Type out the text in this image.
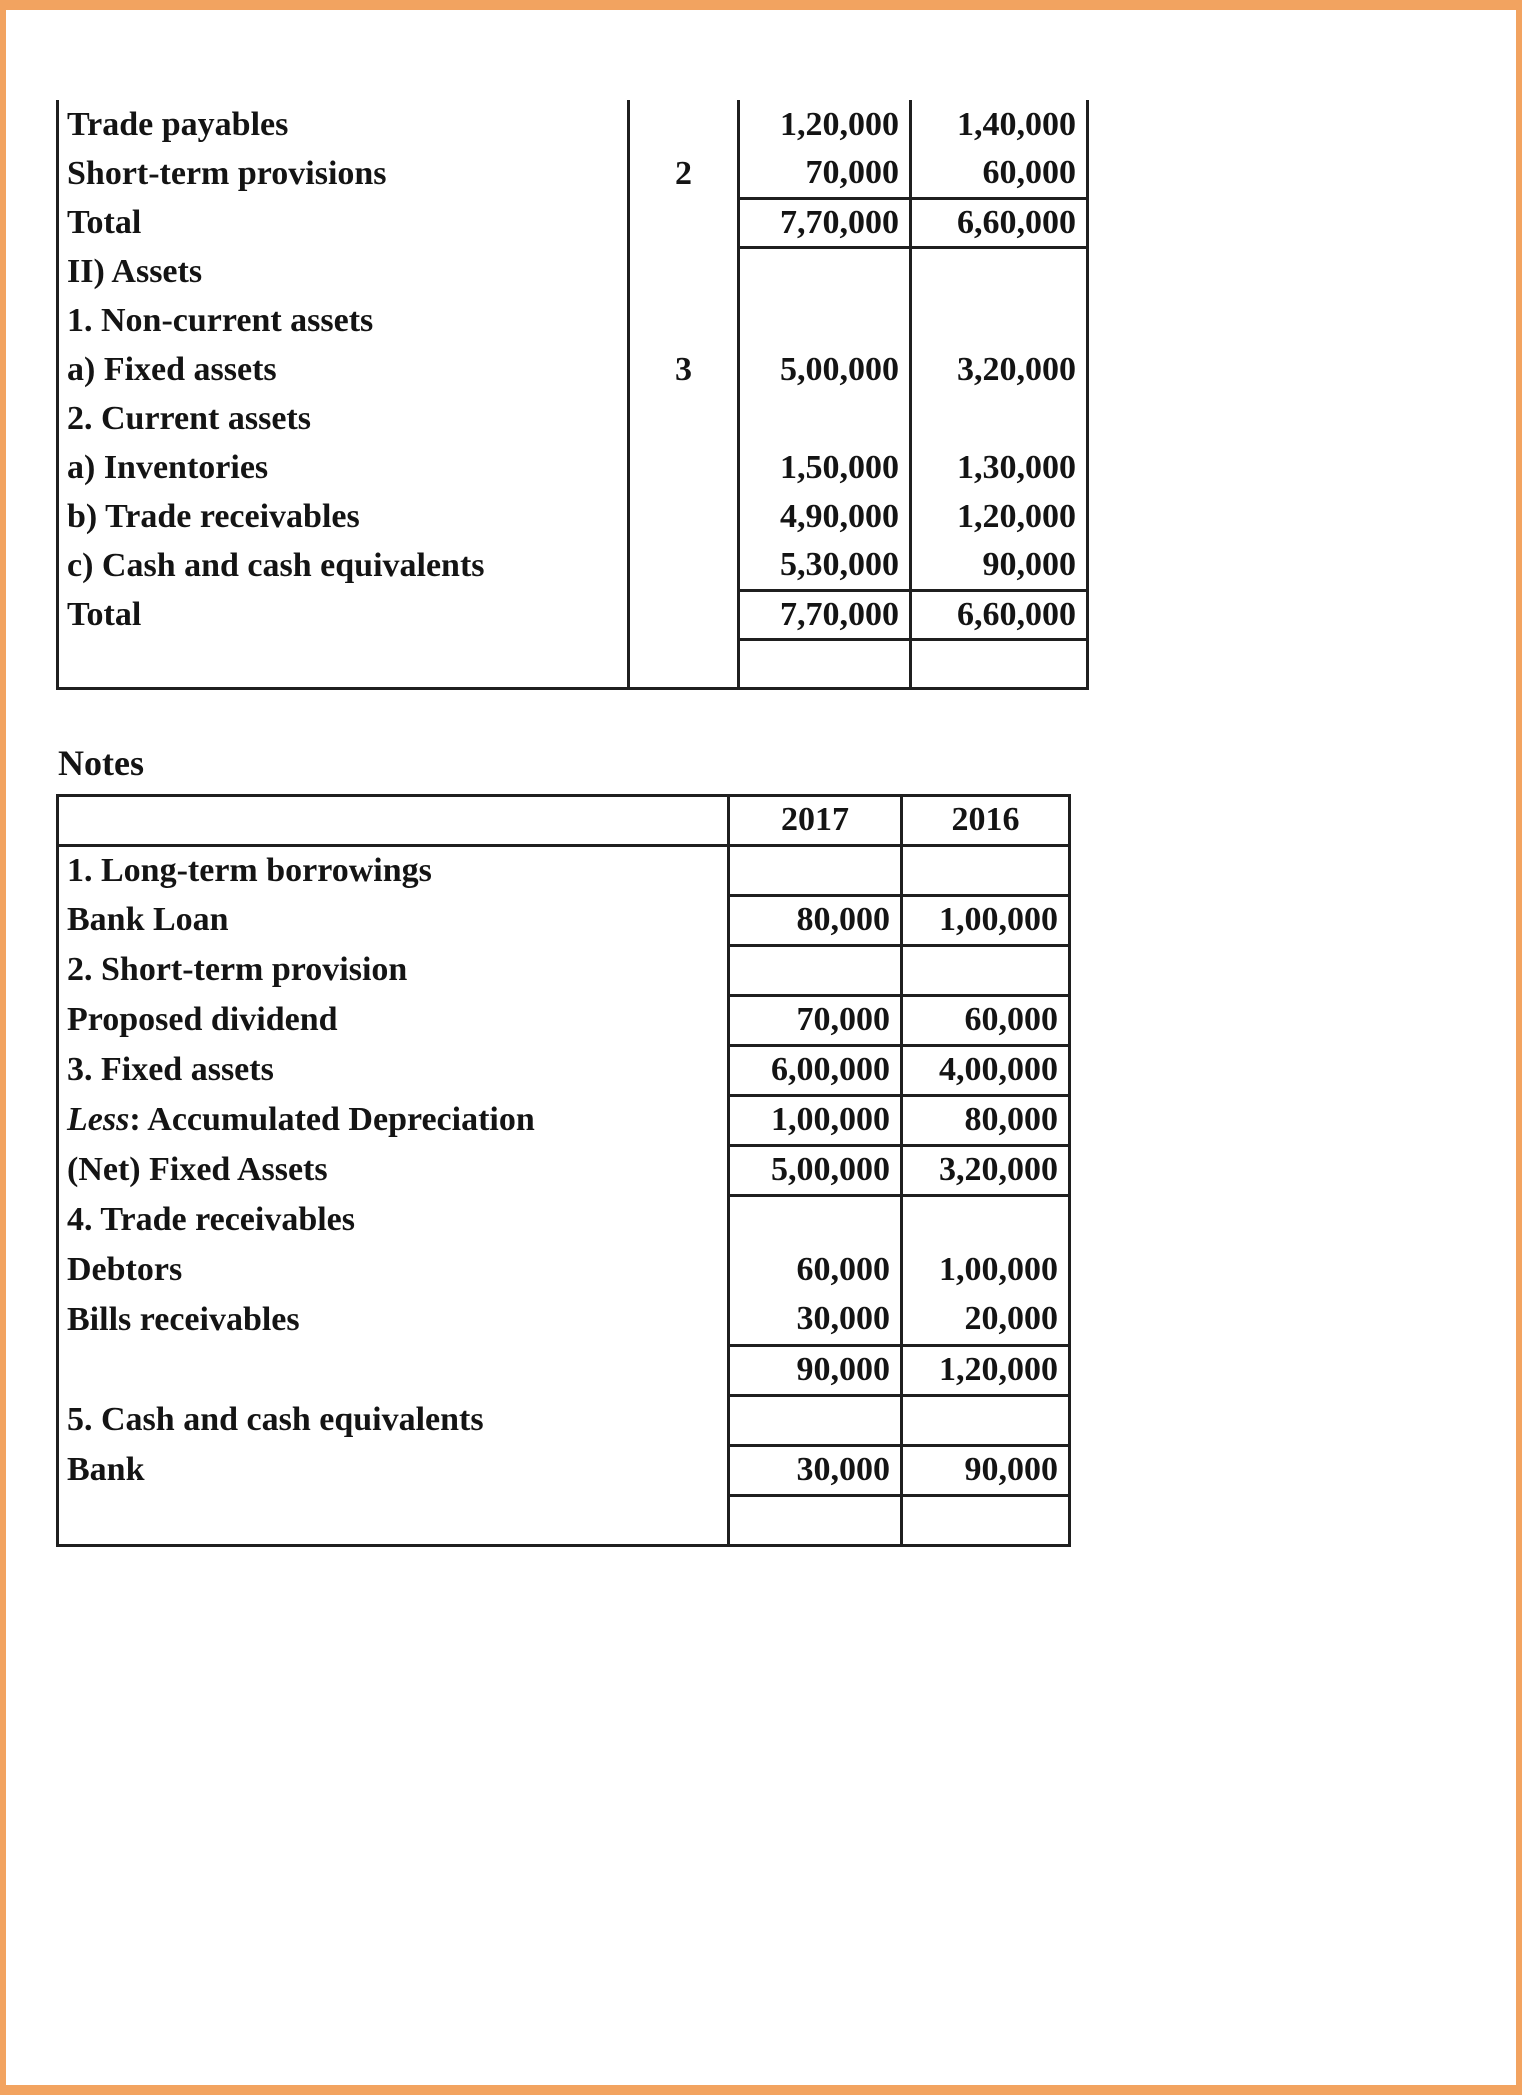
Trade payables		1,20,000	1,40,000
Short-term provisions	2	70,000	60,000
Total		7,70,000	6,60,000
II) Assets			
1. Non-current assets			
a) Fixed assets	3	5,00,000	3,20,000
2. Current assets			
a) Inventories		1,50,000	1,30,000
b) Trade receivables		4,90,000	1,20,000
c) Cash and cash equivalents		5,30,000	90,000
Total		7,70,000	6,60,000

Notes
	2017	2016
1. Long-term borrowings		
Bank Loan	80,000	1,00,000
2. Short-term provision		
Proposed dividend	70,000	60,000
3. Fixed assets	6,00,000	4,00,000
Less: Accumulated Depreciation	1,00,000	80,000
(Net) Fixed Assets	5,00,000	3,20,000
4. Trade receivables		
Debtors	60,000	1,00,000
Bills receivables	30,000	20,000
	90,000	1,20,000
5. Cash and cash equivalents		
Bank	30,000	90,000
